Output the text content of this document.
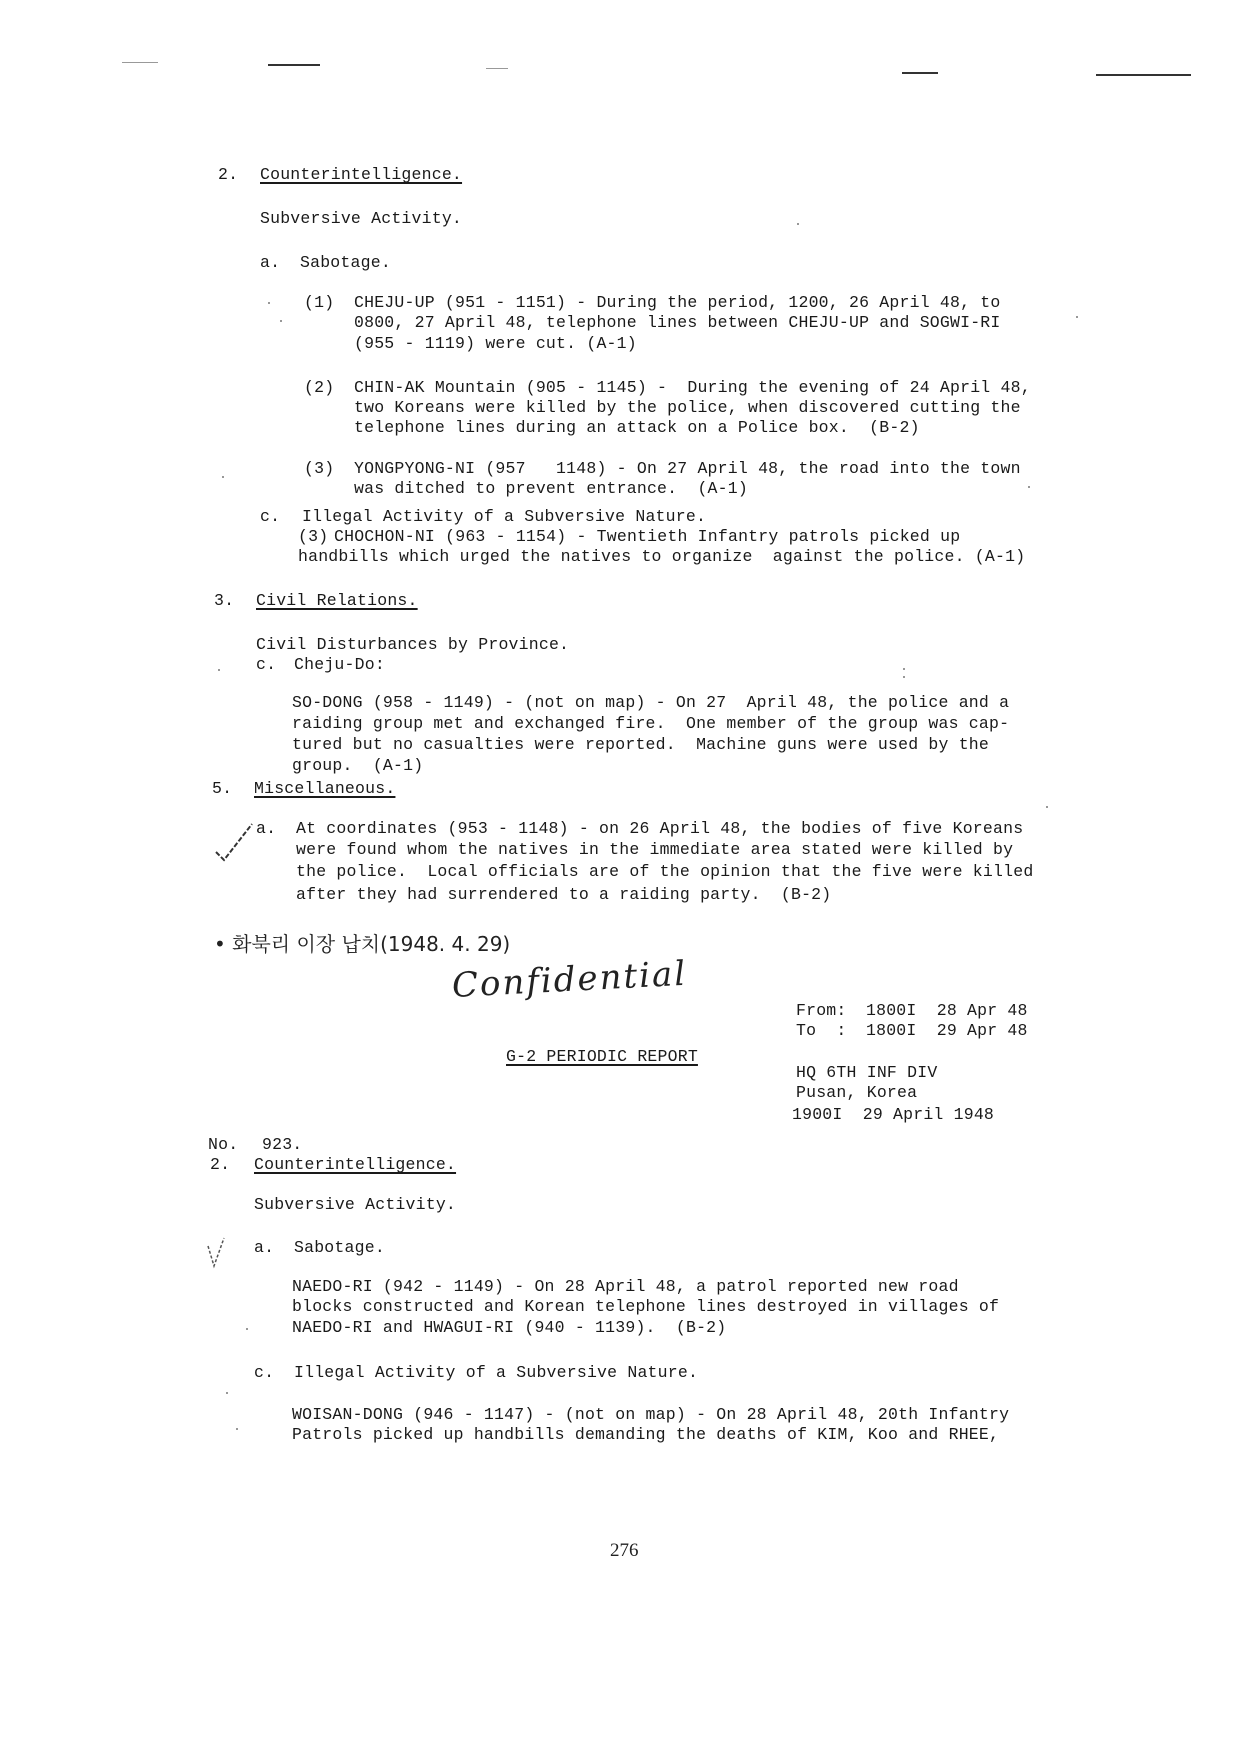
2. Counterintelligence.
Subversive Activity.
a. Sabotage.
(1) CHEJU-UP (951 - 1151) - During the period, 1200, 26 April 48, to
0800, 27 April 48, telephone lines between CHEJU-UP and SOGWI-RI
(955 - 1119) were cut. (A-1)
(2) CHIN-AK Mountain (905 - 1145) -  During the evening of 24 April 48,
two Koreans were killed by the police, when discovered cutting the
telephone lines during an attack on a Police box.  (B-2)
(3) YONGPYONG-NI (957   1148) - On 27 April 48, the road into the town
was ditched to prevent entrance.  (A-1)
c. Illegal Activity of a Subversive Nature.
(3) CHOCHON-NI (963 - 1154) - Twentieth Infantry patrols picked up
handbills which urged the natives to organize  against the police. (A-1)
3. Civil Relations.
Civil Disturbances by Province.
c. Cheju-Do:
SO-DONG (958 - 1149) - (not on map) - On 27  April 48, the police and a
raiding group met and exchanged fire.  One member of the group was cap-
tured but no casualties were reported.  Machine guns were used by the
group.  (A-1)
5. Miscellaneous.
a. At coordinates (953 - 1148) - on 26 April 48, the bodies of five Koreans
were found whom the natives in the immediate area stated were killed by
the police.  Local officials are of the opinion that the five were killed
after they had surrendered to a raiding party.  (B-2)
• 화북리 이장 납치(1948. 4. 29)
Confidential
From: 1800I  28 Apr 48
To  : 1800I  29 Apr 48
G-2 PERIODIC REPORT
HQ 6TH INF DIV
Pusan, Korea
1900I  29 April 1948
No. 923.
2. Counterintelligence.
Subversive Activity.
a. Sabotage.
NAEDO-RI (942 - 1149) - On 28 April 48, a patrol reported new road
blocks constructed and Korean telephone lines destroyed in villages of
NAEDO-RI and HWAGUI-RI (940 - 1139).  (B-2)
c. Illegal Activity of a Subversive Nature.
WOISAN-DONG (946 - 1147) - (not on map) - On 28 April 48, 20th Infantry
Patrols picked up handbills demanding the deaths of KIM, Koo and RHEE,
276
